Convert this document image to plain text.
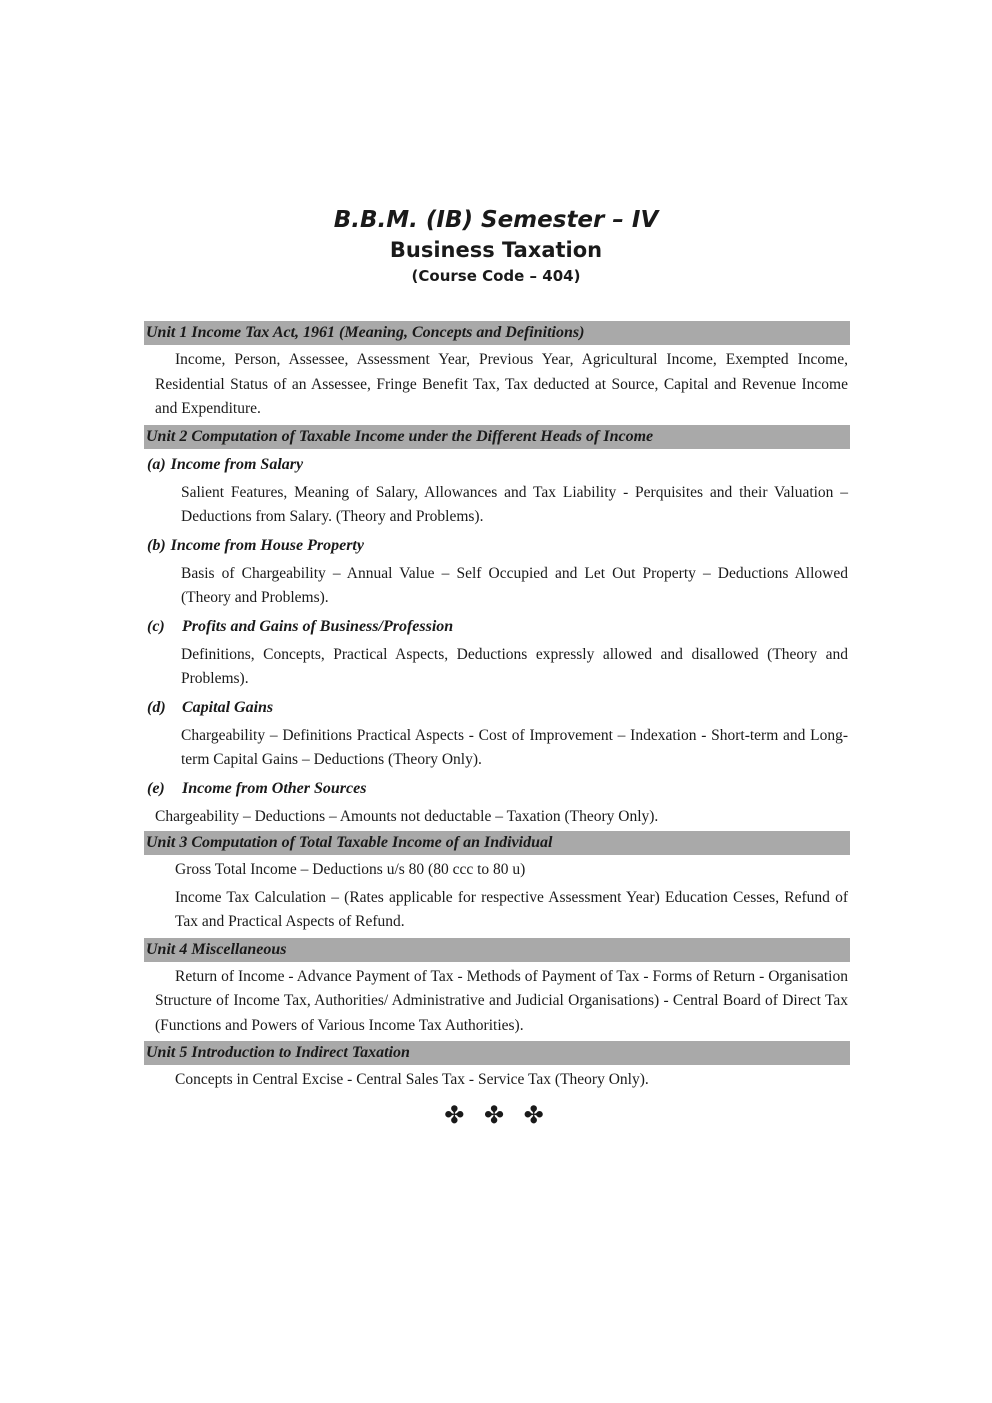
B.B.M. (IB) Semester – IV
Business Taxation
(Course Code – 404)
Unit 1 Income Tax Act, 1961 (Meaning, Concepts and Definitions)
Income, Person, Assessee, Assessment Year, Previous Year, Agricultural Income, Exempted Income, Residential Status of an Assessee, Fringe Benefit Tax, Tax deducted at Source, Capital and Revenue Income and Expenditure.
Unit 2 Computation of Taxable Income under the Different Heads of Income
(a) Income from Salary
Salient Features, Meaning of Salary, Allowances and Tax Liability - Perquisites and their Valuation – Deductions from Salary. (Theory and Problems).
(b) Income from House Property
Basis of Chargeability – Annual Value – Self Occupied and Let Out Property – Deductions Allowed (Theory and Problems).
(c) Profits and Gains of Business/Profession
Definitions, Concepts, Practical Aspects, Deductions expressly allowed and disallowed (Theory and Problems).
(d) Capital Gains
Chargeability – Definitions Practical Aspects - Cost of Improvement – Indexation - Short-term and Long-term Capital Gains – Deductions (Theory Only).
(e) Income from Other Sources
Chargeability – Deductions – Amounts not deductable – Taxation (Theory Only).
Unit 3 Computation of Total Taxable Income of an Individual
Gross Total Income – Deductions u/s 80 (80 ccc to 80 u)
Income Tax Calculation – (Rates applicable for respective Assessment Year) Education Cesses, Refund of Tax and Practical Aspects of Refund.
Unit 4 Miscellaneous
Return of Income - Advance Payment of Tax - Methods of Payment of Tax - Forms of Return - Organisation Structure of Income Tax, Authorities/ Administrative and Judicial Organisations) - Central Board of Direct Tax (Functions and Powers of Various Income Tax Authorities).
Unit 5 Introduction to Indirect Taxation
Concepts in Central Excise - Central Sales Tax - Service Tax (Theory Only).
✤ ✤ ✤
